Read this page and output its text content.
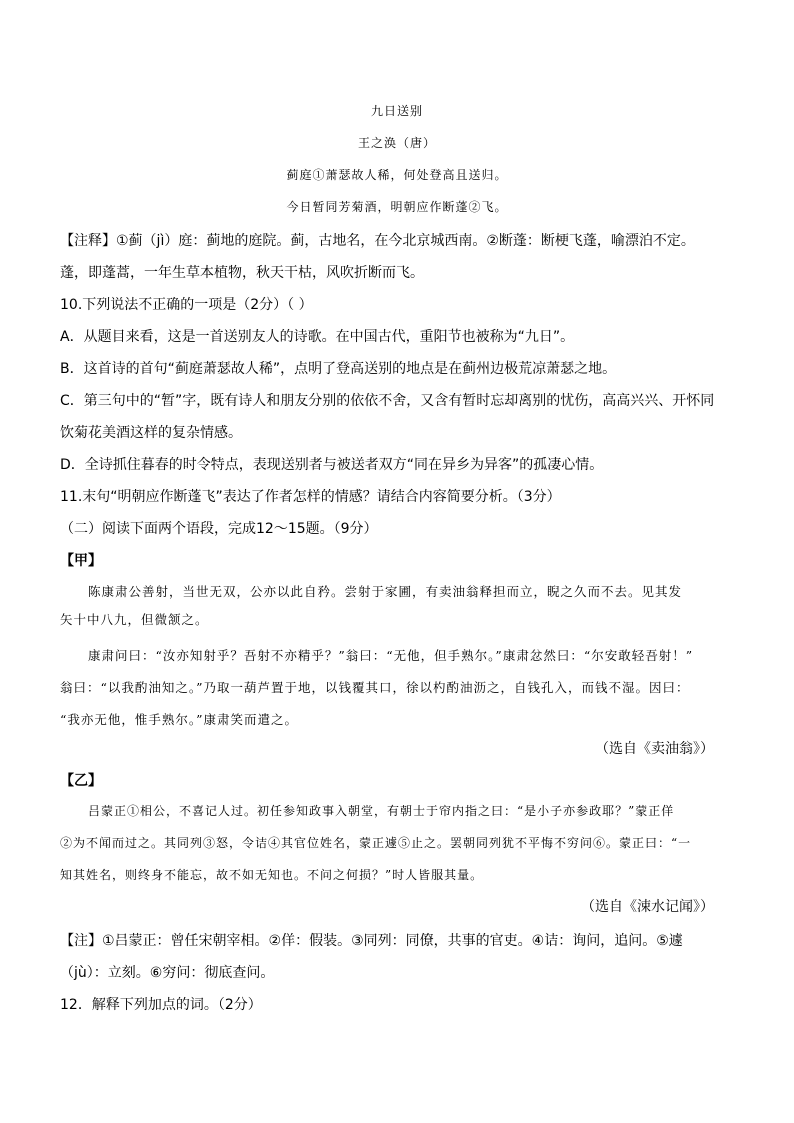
九日送别
王之涣（唐）
蓟庭①萧瑟故人稀，何处登高且送归。
今日暂同芳菊酒，明朝应作断蓬②飞。
【注释】①蓟（jì）庭：蓟地的庭院。蓟，古地名，在今北京城西南。②断蓬：断梗飞蓬，喻漂泊不定。
蓬，即蓬蒿，一年生草本植物，秋天干枯，风吹折断而飞。
10.下列说法不正确的一项是（2分）（ ）
A．从题目来看，这是一首送别友人的诗歌。在中国古代，重阳节也被称为“九日”。
B．这首诗的首句“蓟庭萧瑟故人稀”，点明了登高送别的地点是在蓟州边极荒凉萧瑟之地。
C．第三句中的“暂”字，既有诗人和朋友分别的依依不舍，又含有暂时忘却离别的忧伤，高高兴兴、开怀同
饮菊花美酒这样的复杂情感。
D．全诗抓住暮春的时令特点，表现送别者与被送者双方“同在异乡为异客”的孤凄心情。
11.末句“明朝应作断蓬飞”表达了作者怎样的情感？请结合内容简要分析。（3分）
（二）阅读下面两个语段，完成12～15题。（9分）
【甲】
陈康肃公善射，当世无双，公亦以此自矜。尝射于家圃，有卖油翁释担而立，睨之久而不去。见其发
矢十中八九，但微颔之。
康肃问曰：“汝亦知射乎？吾射不亦精乎？”翁曰：“无他，但手熟尔。”康肃忿然曰：“尔安敢轻吾射！”
翁曰：“以我酌油知之。”乃取一葫芦置于地，以钱覆其口，徐以杓酌油沥之，自钱孔入，而钱不湿。因曰：
“我亦无他，惟手熟尔。”康肃笑而遣之。
（选自《卖油翁》）
【乙】
吕蒙正①相公，不喜记人过。初任参知政事入朝堂，有朝士于帘内指之曰：“是小子亦参政耶？”蒙正佯
②为不闻而过之。其同列③怒，令诘④其官位姓名，蒙正遽⑤止之。罢朝同列犹不平悔不穷问⑥。蒙正曰：“一
知其姓名，则终身不能忘，故不如无知也。不问之何损？”时人皆服其量。
（选自《涑水记闻》）
【注】①吕蒙正：曾任宋朝宰相。②佯：假装。③同列：同僚，共事的官吏。④诘：询问，追问。⑤遽
（jù）：立刻。⑥穷问：彻底查问。
12．解释下列加点的词。（2分）
